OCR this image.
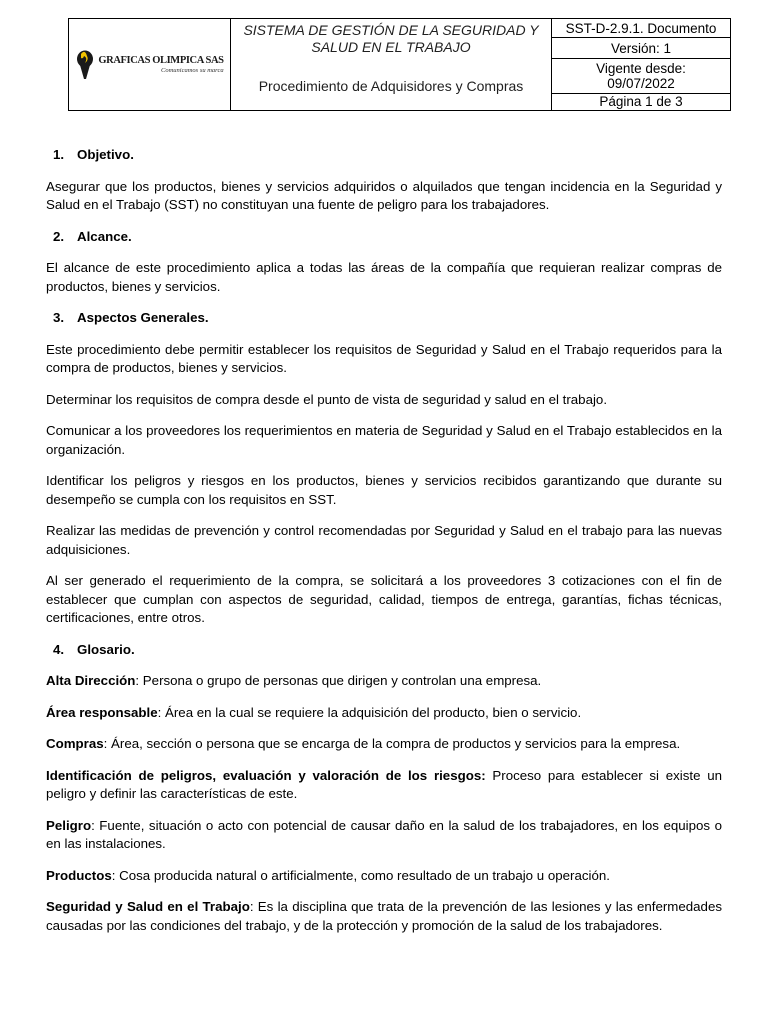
GRAFICAS OLIMPICA SAS
Comunicamos su marca

SISTEMA DE GESTIÓN DE LA SEGURIDAD Y SALUD EN EL TRABAJO
Procedimiento de Adquisidores y Compras
	SST-D-2.9.1. Documento
Versión: 1
Vigente desde:
09/07/2022
Página 1 de 3
1. Objetivo.

Asegurar que los productos, bienes y servicios adquiridos o alquilados que tengan incidencia en la Seguridad y Salud en el Trabajo (SST) no constituyan una fuente de peligro para los trabajadores.

2. Alcance.

El alcance de este procedimiento aplica a todas las áreas de la compañía que requieran realizar compras de productos, bienes y servicios.

3. Aspectos Generales.

Este procedimiento debe permitir establecer los requisitos de Seguridad y Salud en el Trabajo requeridos para la compra de productos, bienes y servicios.

Determinar los requisitos de compra desde el punto de vista de seguridad y salud en el trabajo.

Comunicar a los proveedores los requerimientos en materia de Seguridad y Salud en el Trabajo establecidos en la organización.

Identificar los peligros y riesgos en los productos, bienes y servicios recibidos garantizando que durante su desempeño se cumpla con los requisitos en SST.

Realizar las medidas de prevención y control recomendadas por Seguridad y Salud en el trabajo para las nuevas adquisiciones.

Al ser generado el requerimiento de la compra, se solicitará a los proveedores 3 cotizaciones con el fin de establecer que cumplan con aspectos de seguridad, calidad, tiempos de entrega, garantías, fichas técnicas, certificaciones, entre otros.

4. Glosario.

Alta Dirección: Persona o grupo de personas que dirigen y controlan una empresa.

Área responsable: Área en la cual se requiere la adquisición del producto, bien o servicio.

Compras: Área, sección o persona que se encarga de la compra de productos y servicios para la empresa.

Identificación de peligros, evaluación y valoración de los riesgos: Proceso para establecer si existe un peligro y definir las características de este.

Peligro: Fuente, situación o acto con potencial de causar daño en la salud de los trabajadores, en los equipos o en las instalaciones.

Productos: Cosa producida natural o artificialmente, como resultado de un trabajo u operación.

Seguridad y Salud en el Trabajo: Es la disciplina que trata de la prevención de las lesiones y las enfermedades causadas por las condiciones del trabajo, y de la protección y promoción de la salud de los trabajadores.
